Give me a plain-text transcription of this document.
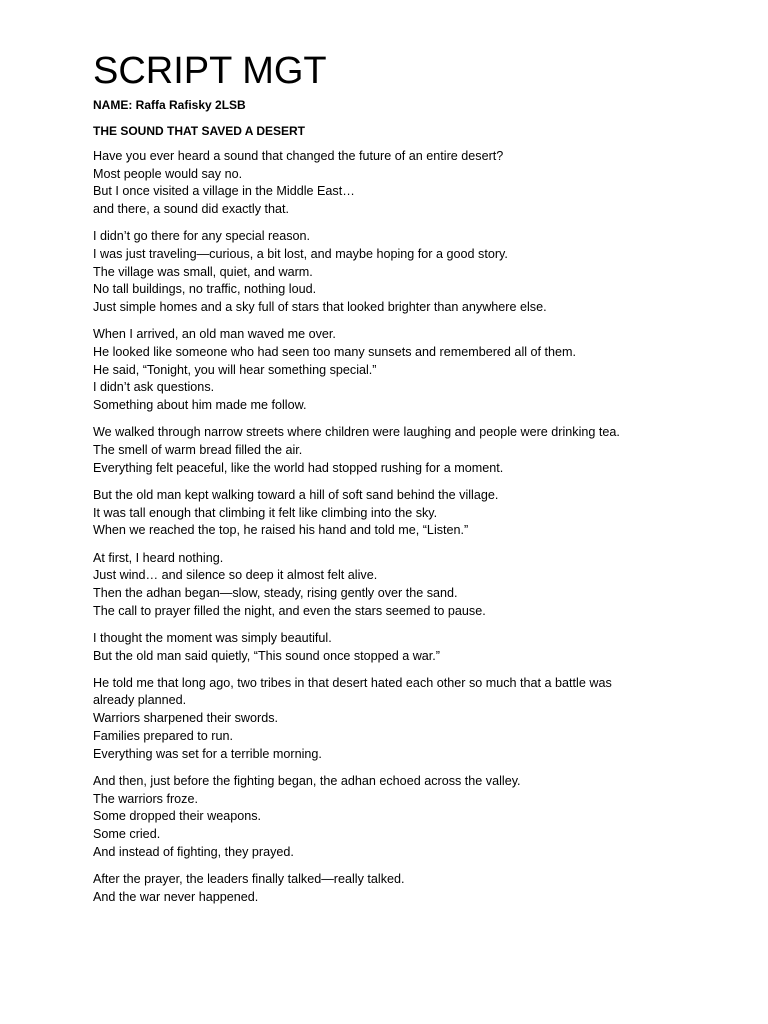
SCRIPT MGT

NAME: Raffa Rafisky 2LSB

THE SOUND THAT SAVED A DESERT

Have you ever heard a sound that changed the future of an entire desert?
Most people would say no.
But I once visited a village in the Middle East…
and there, a sound did exactly that.
I didn’t go there for any special reason.
I was just traveling—curious, a bit lost, and maybe hoping for a good story.
The village was small, quiet, and warm.
No tall buildings, no traffic, nothing loud.
Just simple homes and a sky full of stars that looked brighter than anywhere else.
When I arrived, an old man waved me over.
He looked like someone who had seen too many sunsets and remembered all of them.
He said, “Tonight, you will hear something special.”
I didn’t ask questions.
Something about him made me follow.
We walked through narrow streets where children were laughing and people were drinking tea.
The smell of warm bread filled the air.
Everything felt peaceful, like the world had stopped rushing for a moment.
But the old man kept walking toward a hill of soft sand behind the village.
It was tall enough that climbing it felt like climbing into the sky.
When we reached the top, he raised his hand and told me, “Listen.”
At first, I heard nothing.
Just wind… and silence so deep it almost felt alive.
Then the adhan began—slow, steady, rising gently over the sand.
The call to prayer filled the night, and even the stars seemed to pause.
I thought the moment was simply beautiful.
But the old man said quietly, “This sound once stopped a war.”
He told me that long ago, two tribes in that desert hated each other so much that a battle was
already planned.
Warriors sharpened their swords.
Families prepared to run.
Everything was set for a terrible morning.
And then, just before the fighting began, the adhan echoed across the valley.
The warriors froze.
Some dropped their weapons.
Some cried.
And instead of fighting, they prayed.
After the prayer, the leaders finally talked—really talked.
And the war never happened.
